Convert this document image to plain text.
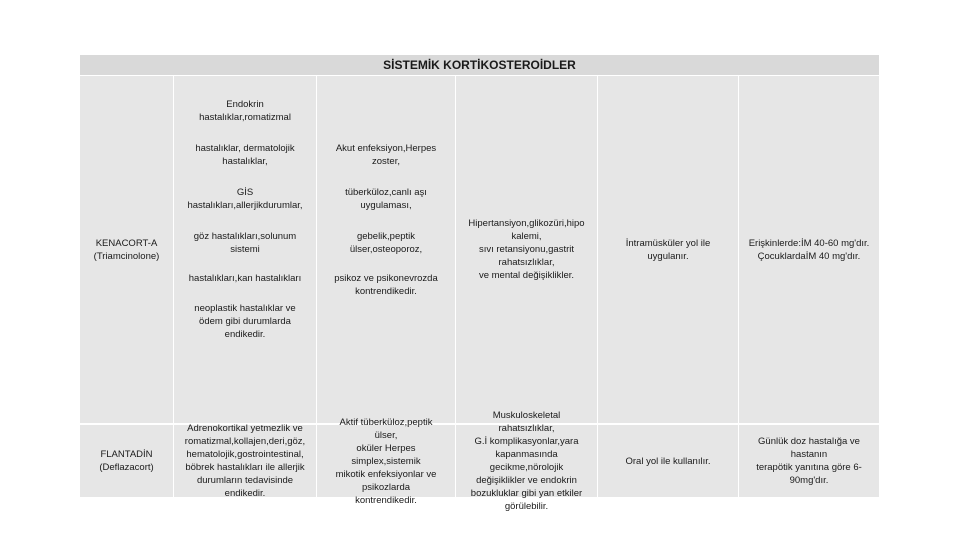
SİSTEMİK KORTİKOSTEROİDLER
KENACORT-A
(Triamcinolone)
Endokrin
hastalıklar,romatizmal
hastalıklar, dermatolojik
hastalıklar,
GİS
hastalıkları,allerjikdurumlar,
göz hastalıkları,solunum
sistemi
hastalıkları,kan hastalıkları
neoplastik hastalıklar ve
ödem gibi durumlarda
endikedir.
Akut enfeksiyon,Herpes
zoster,
tüberküloz,canlı aşı
uygulaması,
gebelik,peptik
ülser,osteoporoz,
psikoz ve psikonevrozda
kontrendikedir.
Hipertansiyon,glikozüri,hipo
kalemi,
sıvı retansiyonu,gastrit
rahatsızlıklar,
ve mental değişiklikler.
İntramüsküler yol ile
uygulanır.
Erişkinlerde:İM 40-60 mg'dır.
ÇocuklardaİM 40 mg'dır.
FLANTADİN
(Deflazacort)
Adrenokortikal yetmezlik ve
romatizmal,kollajen,deri,göz,
hematolojik,gostrointestinal,
böbrek hastalıkları ile allerjik
durumların tedavisinde
endikedir.
Aktif tüberküloz,peptik
ülser,
oküler Herpes
simplex,sistemik
mikotik enfeksiyonlar ve
psikozlarda
kontrendikedir.
Muskuloskeletal
rahatsızlıklar,
G.İ komplikasyonlar,yara
kapanmasında
gecikme,nörolojik
değişiklikler ve endokrin
bozukluklar gibi yan etkiler
görülebilir.
Oral yol ile kullanılır.
Günlük doz hastalığa ve
hastanın
terapötik yanıtına göre 6-
90mg'dır.
